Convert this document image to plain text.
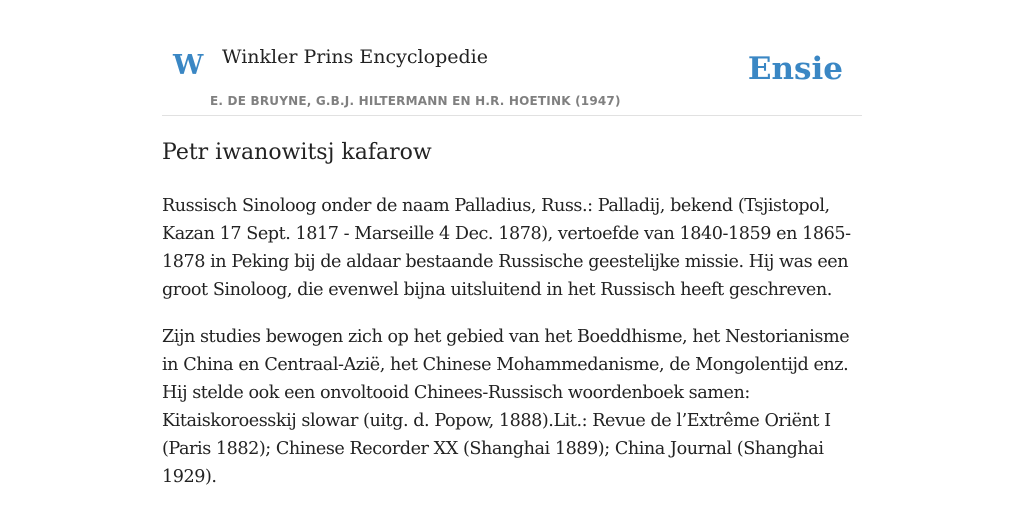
W Winkler Prins Encyclopedie
E. DE BRUYNE, G.B.J. HILTERMANN EN H.R. HOETINK (1947)
Ensie
Petr iwanowitsj kafarow

Russisch Sinoloog onder de naam Palladius, Russ.: Palladij, bekend (Tsjistopol, Kazan 17 Sept. 1817 - Marseille 4 Dec. 1878), vertoefde van 1840-1859 en 1865-1878 in Peking bij de aldaar bestaande Russische geestelijke missie. Hij was een groot Sinoloog, die evenwel bijna uitsluitend in het Russisch heeft geschreven.

Zijn studies bewogen zich op het gebied van het Boeddhisme, het Nestorianisme in China en Centraal-Azië, het Chinese Mohammedanisme, de Mongolentijd enz. Hij stelde ook een onvoltooid Chinees-Russisch woordenboek samen: Kitaiskoroesskij slowar (uitg. d. Popow, 1888).Lit.: Revue de l’Extrême Oriënt I (Paris 1882); Chinese Recorder XX (Shanghai 1889); China Journal (Shanghai 1929).
